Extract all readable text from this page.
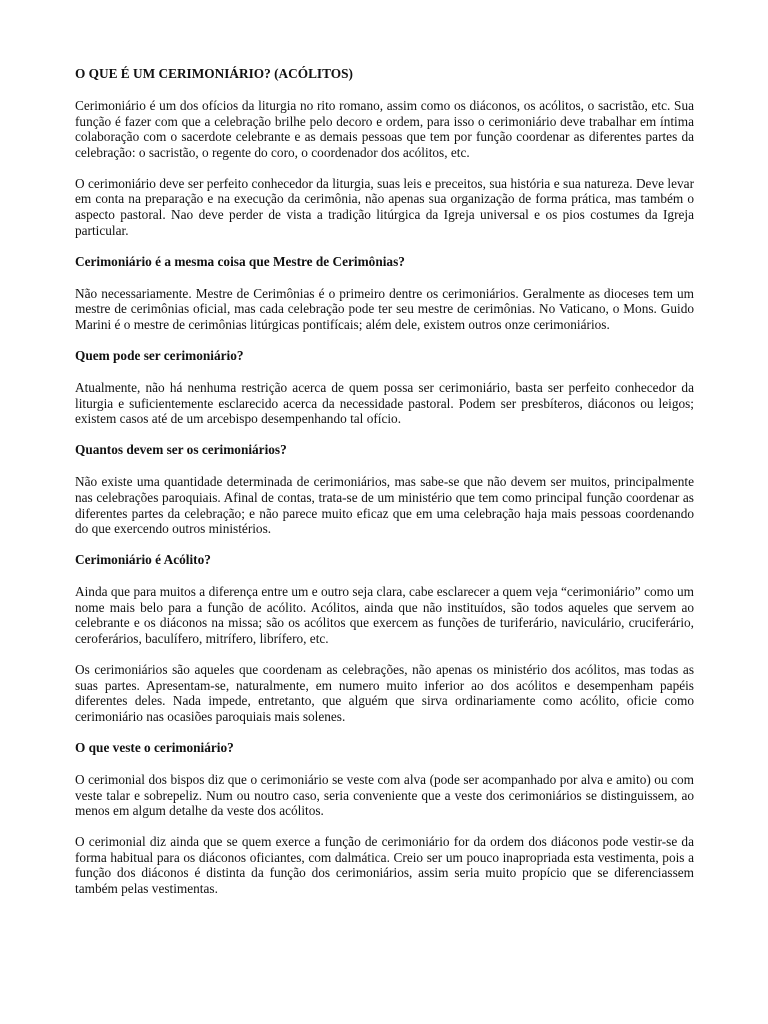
O QUE É UM CERIMONIÁRIO? (ACÓLITOS)

Cerimoniário é um dos ofícios da liturgia no rito romano, assim como os diáconos, os acólitos, o sacristão, etc. Sua função é fazer com que a celebração brilhe pelo decoro e ordem, para isso o cerimoniário deve trabalhar em íntima colaboração com o sacerdote celebrante e as demais pessoas que tem por função coordenar as diferentes partes da celebração: o sacristão, o regente do coro, o coordenador dos acólitos, etc.

O cerimoniário deve ser perfeito conhecedor da liturgia, suas leis e preceitos, sua história e sua natureza. Deve levar em conta na preparação e na execução da cerimônia, não apenas sua organização de forma prática, mas também o aspecto pastoral. Nao deve perder de vista a tradição litúrgica da Igreja universal e os pios costumes da Igreja particular.

Cerimoniário é a mesma coisa que Mestre de Cerimônias?

Não necessariamente. Mestre de Cerimônias é o primeiro dentre os cerimoniários. Geralmente as dioceses tem um mestre de cerimônias oficial, mas cada celebração pode ter seu mestre de cerimônias. No Vaticano, o Mons. Guido Marini é o mestre de cerimônias litúrgicas pontifícais; além dele, existem outros onze cerimoniários.

Quem pode ser cerimoniário?

Atualmente, não há nenhuma restrição acerca de quem possa ser cerimoniário, basta ser perfeito conhecedor da liturgia e suficientemente esclarecido acerca da necessidade pastoral. Podem ser presbíteros, diáconos ou leigos; existem casos até de um arcebispo desempenhando tal ofício.

Quantos devem ser os cerimoniários?

Não existe uma quantidade determinada de cerimoniários, mas sabe-se que não devem ser muitos, principalmente nas celebrações paroquiais. Afinal de contas, trata-se de um ministério que tem como principal função coordenar as diferentes partes da celebração; e não parece muito eficaz que em uma celebração haja mais pessoas coordenando do que exercendo outros ministérios.

Cerimoniário é Acólito?

Ainda que para muitos a diferença entre um e outro seja clara, cabe esclarecer a quem veja “cerimoniário” como um nome mais belo para a função de acólito. Acólitos, ainda que não instituídos, são todos aqueles que servem ao celebrante e os diáconos na missa; são os acólitos que exercem as funções de turiferário, naviculário, cruciferário, ceroferários, baculífero, mitrífero, librífero, etc.

Os cerimoniários são aqueles que coordenam as celebrações, não apenas os ministério dos acólitos, mas todas as suas partes. Apresentam-se, naturalmente, em numero muito inferior ao dos acólitos e desempenham papéis diferentes deles. Nada impede, entretanto, que alguém que sirva ordinariamente como acólito, oficie como cerimoniário nas ocasiões paroquiais mais solenes.

O que veste o cerimoniário?

O cerimonial dos bispos diz que o cerimoniário se veste com alva (pode ser acompanhado por alva e amito) ou com veste talar e sobrepeliz. Num ou noutro caso, seria conveniente que a veste dos cerimoniários se distinguissem, ao menos em algum detalhe da veste dos acólitos.

O cerimonial diz ainda que se quem exerce a função de cerimoniário for da ordem dos diáconos pode vestir-se da forma habitual para os diáconos oficiantes, com dalmática. Creio ser um pouco inapropriada esta vestimenta, pois a função dos diáconos é distinta da função dos cerimoniários, assim seria muito propício que se diferenciassem também pelas vestimentas.
